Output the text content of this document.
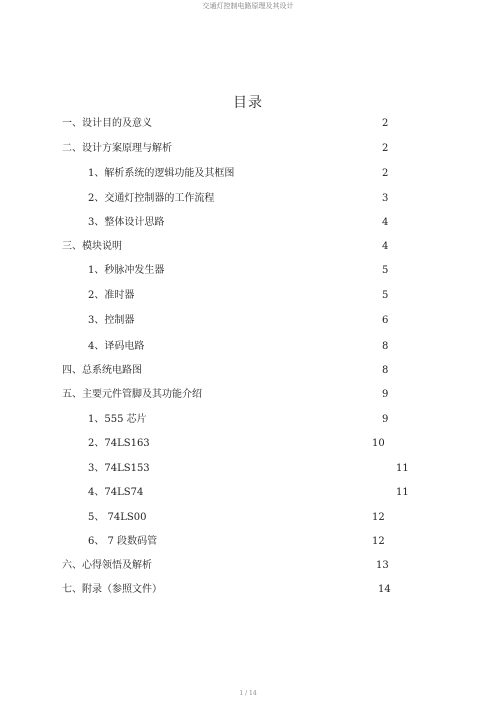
交通灯控制电路原理及其设计
目录
一、设计目的及意义	2
二、设计方案原理与解析	2
1、解析系统的逻辑功能及其框图	2
2、交通灯控制器的工作流程	3
3、整体设计思路	4
三、模块说明	4
1、秒脉冲发生器	5
2、准时器	5
3、控制器	6
4、译码电路	8
四、总系统电路图	8
五、主要元件管脚及其功能介绍	9
1、555 芯片	9
2、74LS163	10
3、74LS153	11
4、74LS74	11
5、 74LS00	12
6、 7 段数码管	12
六、心得领悟及解析	13
七、附录（参照文件）	14
1 / 14
